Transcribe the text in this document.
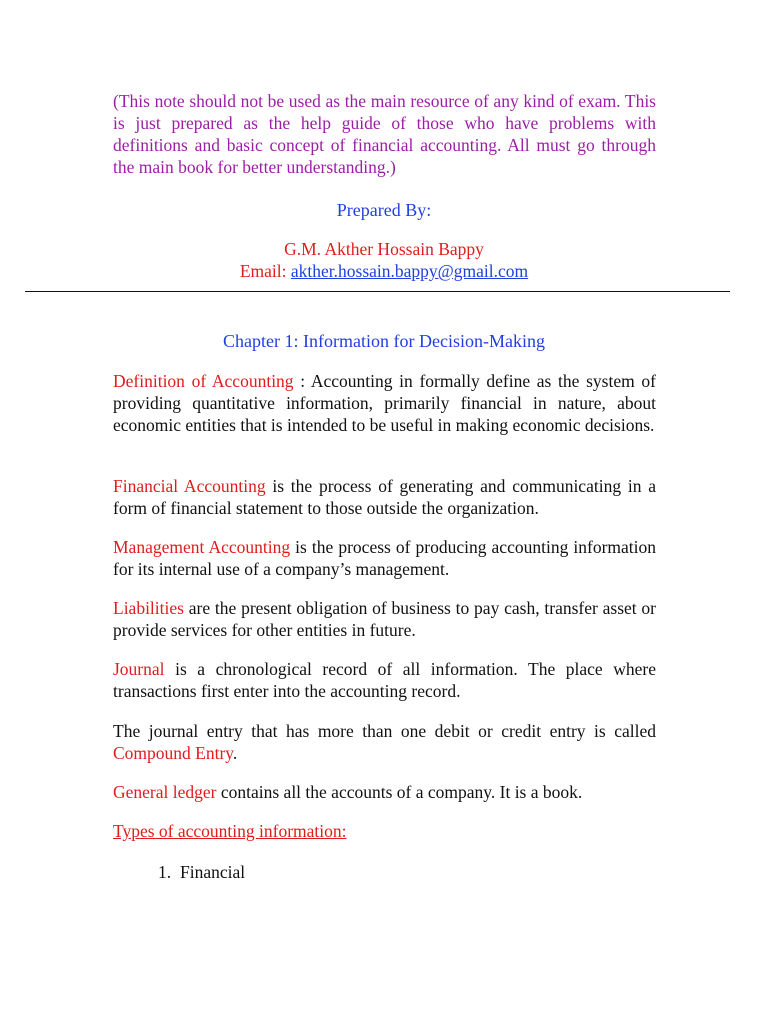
(This note should not be used as the main resource of any kind of exam. This is just prepared as the help guide of those who have problems with definitions and basic concept of financial accounting. All must go through the main book for better understanding.)

Prepared By:

G.M. Akther Hossain Bappy

Email: akther.hossain.bappy@gmail.com

Chapter 1: Information for Decision-Making

Definition of Accounting : Accounting in formally define as the system of providing quantitative information, primarily financial in nature, about economic entities that is intended to be useful in making economic decisions.

Financial Accounting is the process of generating and communicating in a form of financial statement to those outside the organization.

Management Accounting is the process of producing accounting information for its internal use of a company’s management.

Liabilities are the present obligation of business to pay cash, transfer asset or provide services for other entities in future.

Journal is a chronological record of all information. The place where transactions first enter into the accounting record.

The journal entry that has more than one debit or credit entry is called Compound Entry.

General ledger contains all the accounts of a company. It is a book.

Types of accounting information:

1. Financial
